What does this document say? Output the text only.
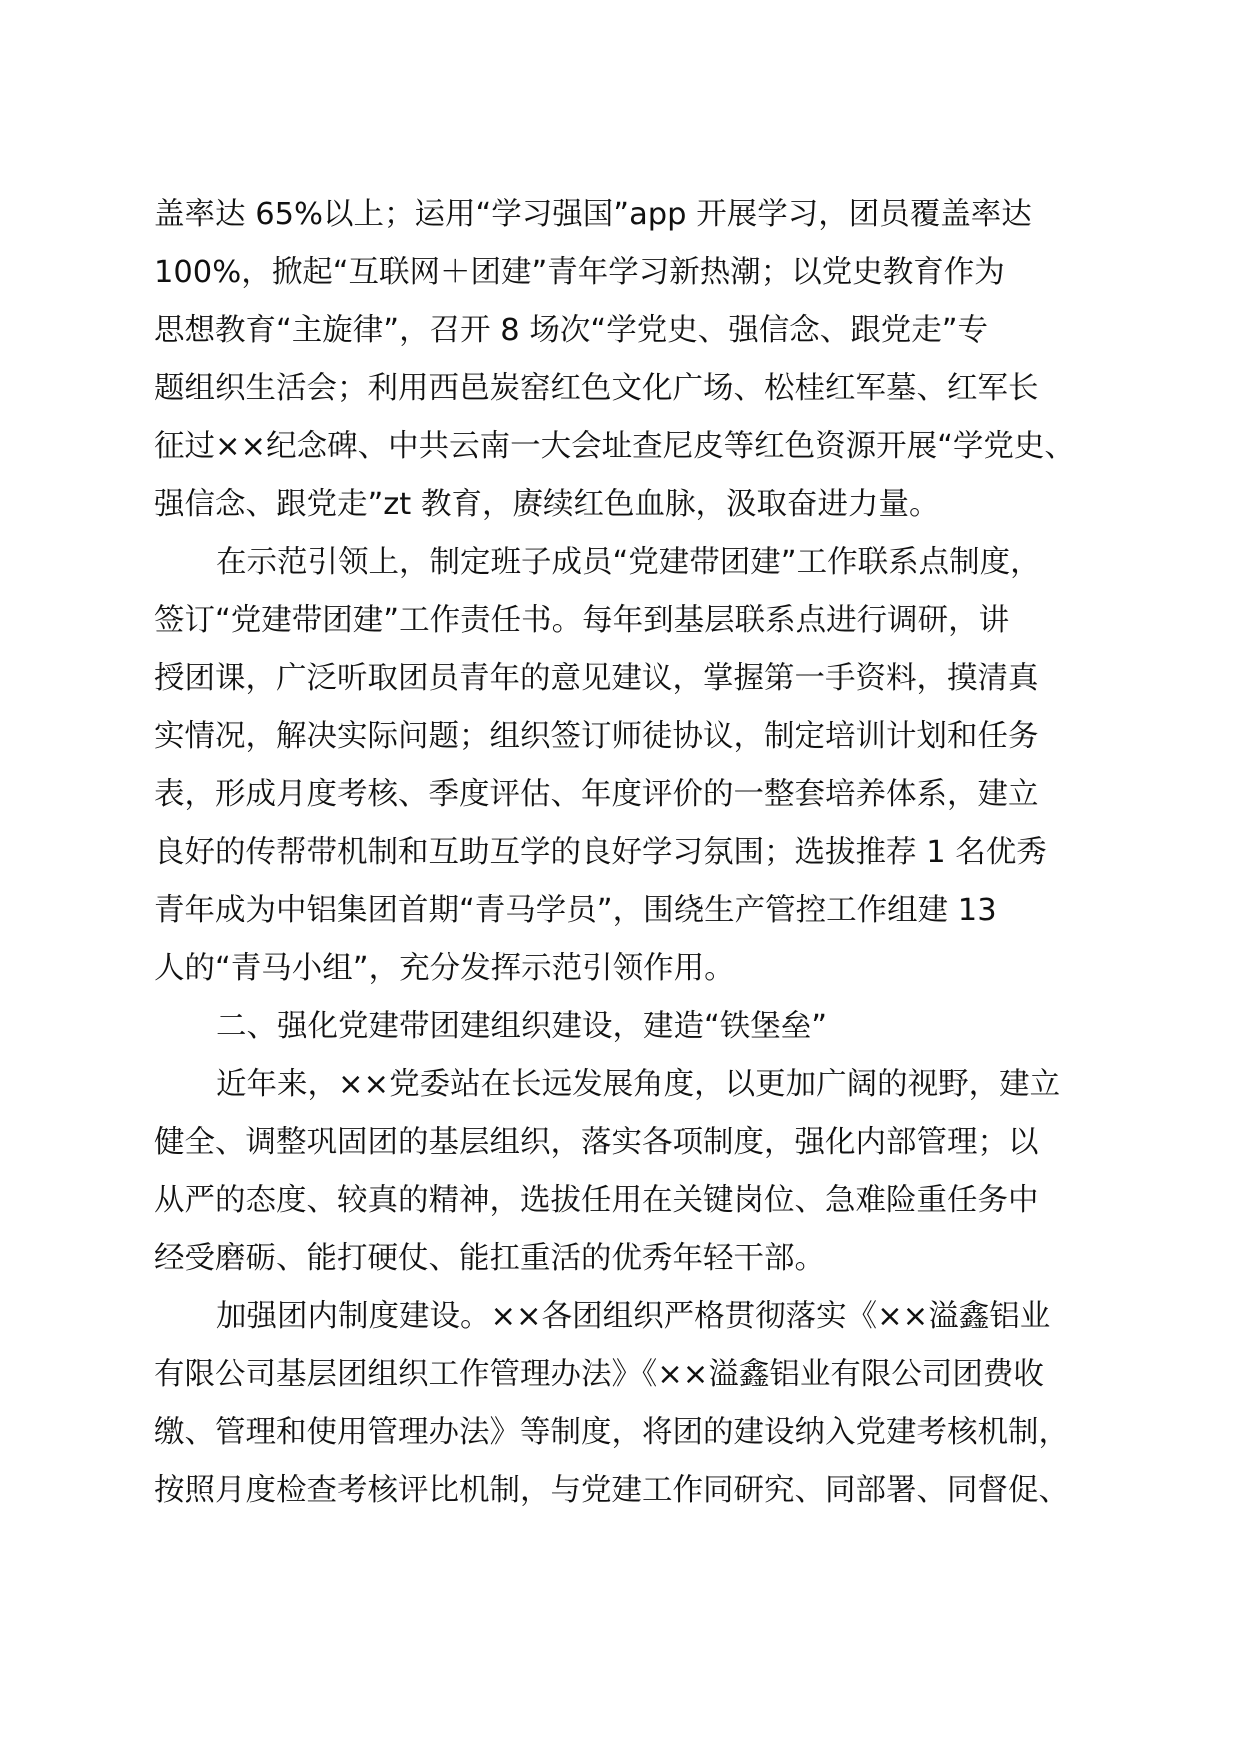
盖率达 65%以上；运用“学习强国”app 开展学习，团员覆盖率达
100%，掀起“互联网＋团建”青年学习新热潮；以党史教育作为
思想教育“主旋律”，召开 8 场次“学党史、强信念、跟党走”专
题组织生活会；利用西邑炭窑红色文化广场、松桂红军墓、红军长
征过××纪念碑、中共云南一大会址查尼皮等红色资源开展“学党史、
强信念、跟党走”zt 教育，赓续红色血脉，汲取奋进力量。
在示范引领上，制定班子成员“党建带团建”工作联系点制度，
签订“党建带团建”工作责任书。每年到基层联系点进行调研，讲
授团课，广泛听取团员青年的意见建议，掌握第一手资料，摸清真
实情况，解决实际问题；组织签订师徒协议，制定培训计划和任务
表，形成月度考核、季度评估、年度评价的一整套培养体系，建立
良好的传帮带机制和互助互学的良好学习氛围；选拔推荐 1 名优秀
青年成为中铝集团首期“青马学员”，围绕生产管控工作组建 13
人的“青马小组”，充分发挥示范引领作用。
二、强化党建带团建组织建设，建造“铁堡垒”
近年来，××党委站在长远发展角度，以更加广阔的视野，建立
健全、调整巩固团的基层组织，落实各项制度，强化内部管理；以
从严的态度、较真的精神，选拔任用在关键岗位、急难险重任务中
经受磨砺、能打硬仗、能扛重活的优秀年轻干部。
加强团内制度建设。××各团组织严格贯彻落实《××溢鑫铝业
有限公司基层团组织工作管理办法》《××溢鑫铝业有限公司团费收
缴、管理和使用管理办法》等制度，将团的建设纳入党建考核机制，
按照月度检查考核评比机制，与党建工作同研究、同部署、同督促、
